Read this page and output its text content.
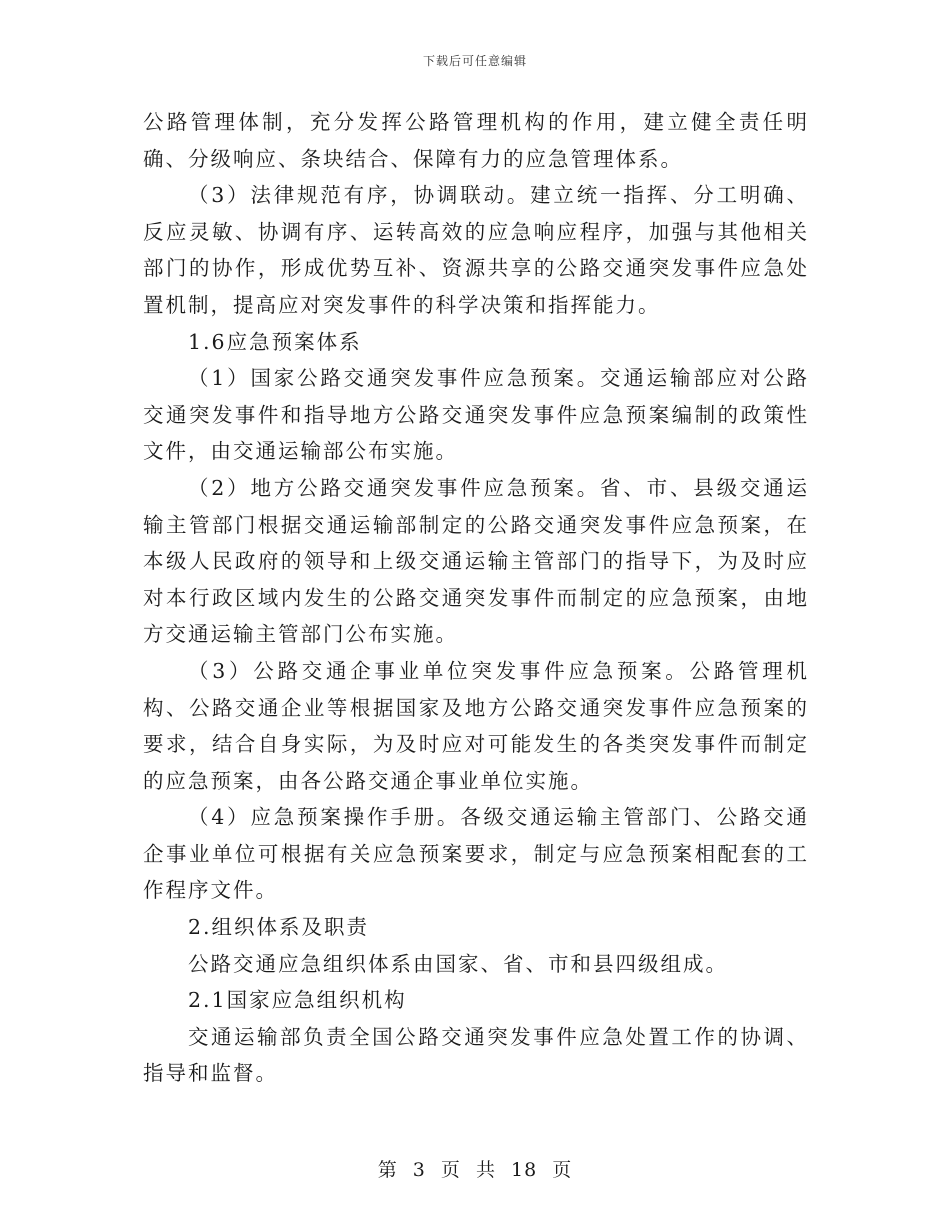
下载后可任意编辑

公路管理体制，充分发挥公路管理机构的作用，建立健全责任明确、分级响应、条块结合、保障有力的应急管理体系。

（3）法律规范有序，协调联动。建立统一指挥、分工明确、反应灵敏、协调有序、运转高效的应急响应程序，加强与其他相关部门的协作，形成优势互补、资源共享的公路交通突发事件应急处置机制，提高应对突发事件的科学决策和指挥能力。

1.6应急预案体系

（1）国家公路交通突发事件应急预案。交通运输部应对公路交通突发事件和指导地方公路交通突发事件应急预案编制的政策性文件，由交通运输部公布实施。

（2）地方公路交通突发事件应急预案。省、市、县级交通运输主管部门根据交通运输部制定的公路交通突发事件应急预案，在本级人民政府的领导和上级交通运输主管部门的指导下，为及时应对本行政区域内发生的公路交通突发事件而制定的应急预案，由地方交通运输主管部门公布实施。

（3）公路交通企事业单位突发事件应急预案。公路管理机构、公路交通企业等根据国家及地方公路交通突发事件应急预案的要求，结合自身实际，为及时应对可能发生的各类突发事件而制定的应急预案，由各公路交通企事业单位实施。

（4）应急预案操作手册。各级交通运输主管部门、公路交通企事业单位可根据有关应急预案要求，制定与应急预案相配套的工作程序文件。

2.组织体系及职责

公路交通应急组织体系由国家、省、市和县四级组成。

2.1国家应急组织机构

交通运输部负责全国公路交通突发事件应急处置工作的协调、指导和监督。

第 3 页 共 18 页
